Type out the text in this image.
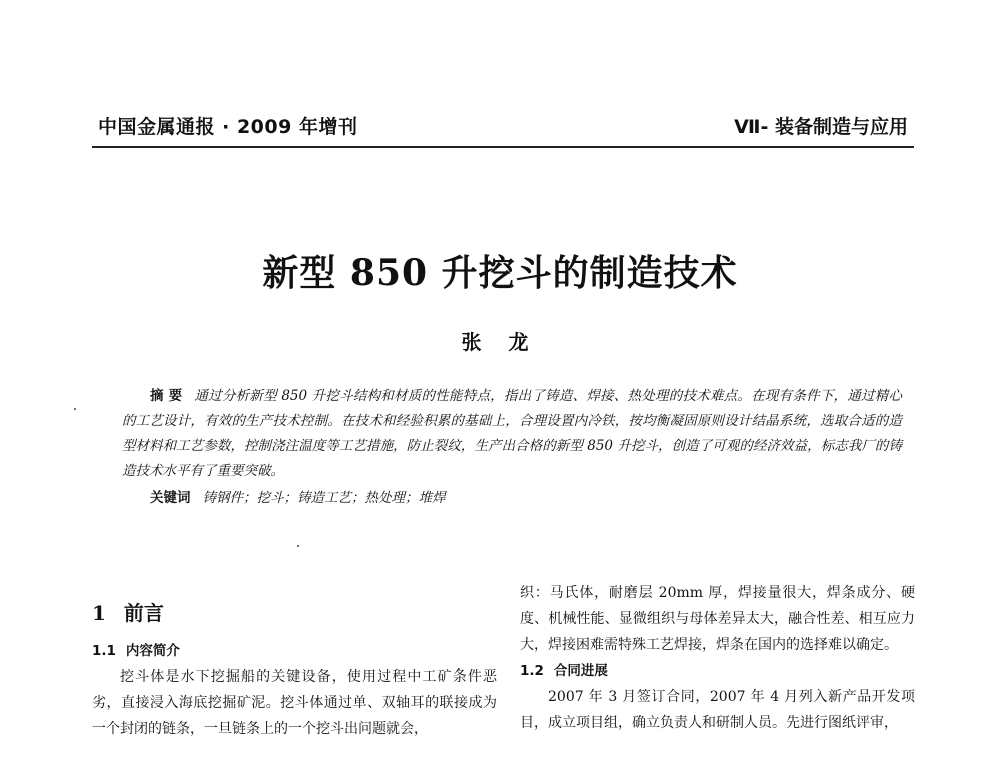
中国金属通报 · 2009 年增刊	Ⅶ- 装备制造与应用
新型 850 升挖斗的制造技术
张 龙
摘 要 通过分析新型 850 升挖斗结构和材质的性能特点，指出了铸造、焊接、热处理的技术难点。在现有条件下，通过精心的工艺设计，有效的生产技术控制。在技术和经验积累的基础上，合理设置内冷铁，按均衡凝固原则设计结晶系统，选取合适的造型材料和工艺参数，控制浇注温度等工艺措施，防止裂纹，生产出合格的新型 850 升挖斗，创造了可观的经济效益，标志我厂的铸造技术水平有了重要突破。
关键词 铸钢件；挖斗；铸造工艺；热处理；堆焊
1 前言
1.1 内容简介

挖斗体是水下挖掘船的关键设备，使用过程中工矿条件恶劣，直接浸入海底挖掘矿泥。挖斗体通过单、双轴耳的联接成为一个封闭的链条，一旦链条上的一个挖斗出问题就会，

织：马氏体，耐磨层 20mm 厚，焊接量很大，焊条成分、硬度、机械性能、显微组织与母体差异太大，融合性差、相互应力大，焊接困难需特殊工艺焊接，焊条在国内的选择难以确定。

1.2 合同进展

2007 年 3 月签订合同，2007 年 4 月列入新产品开发项目，成立项目组，确立负责人和研制人员。先进行图纸评审，
